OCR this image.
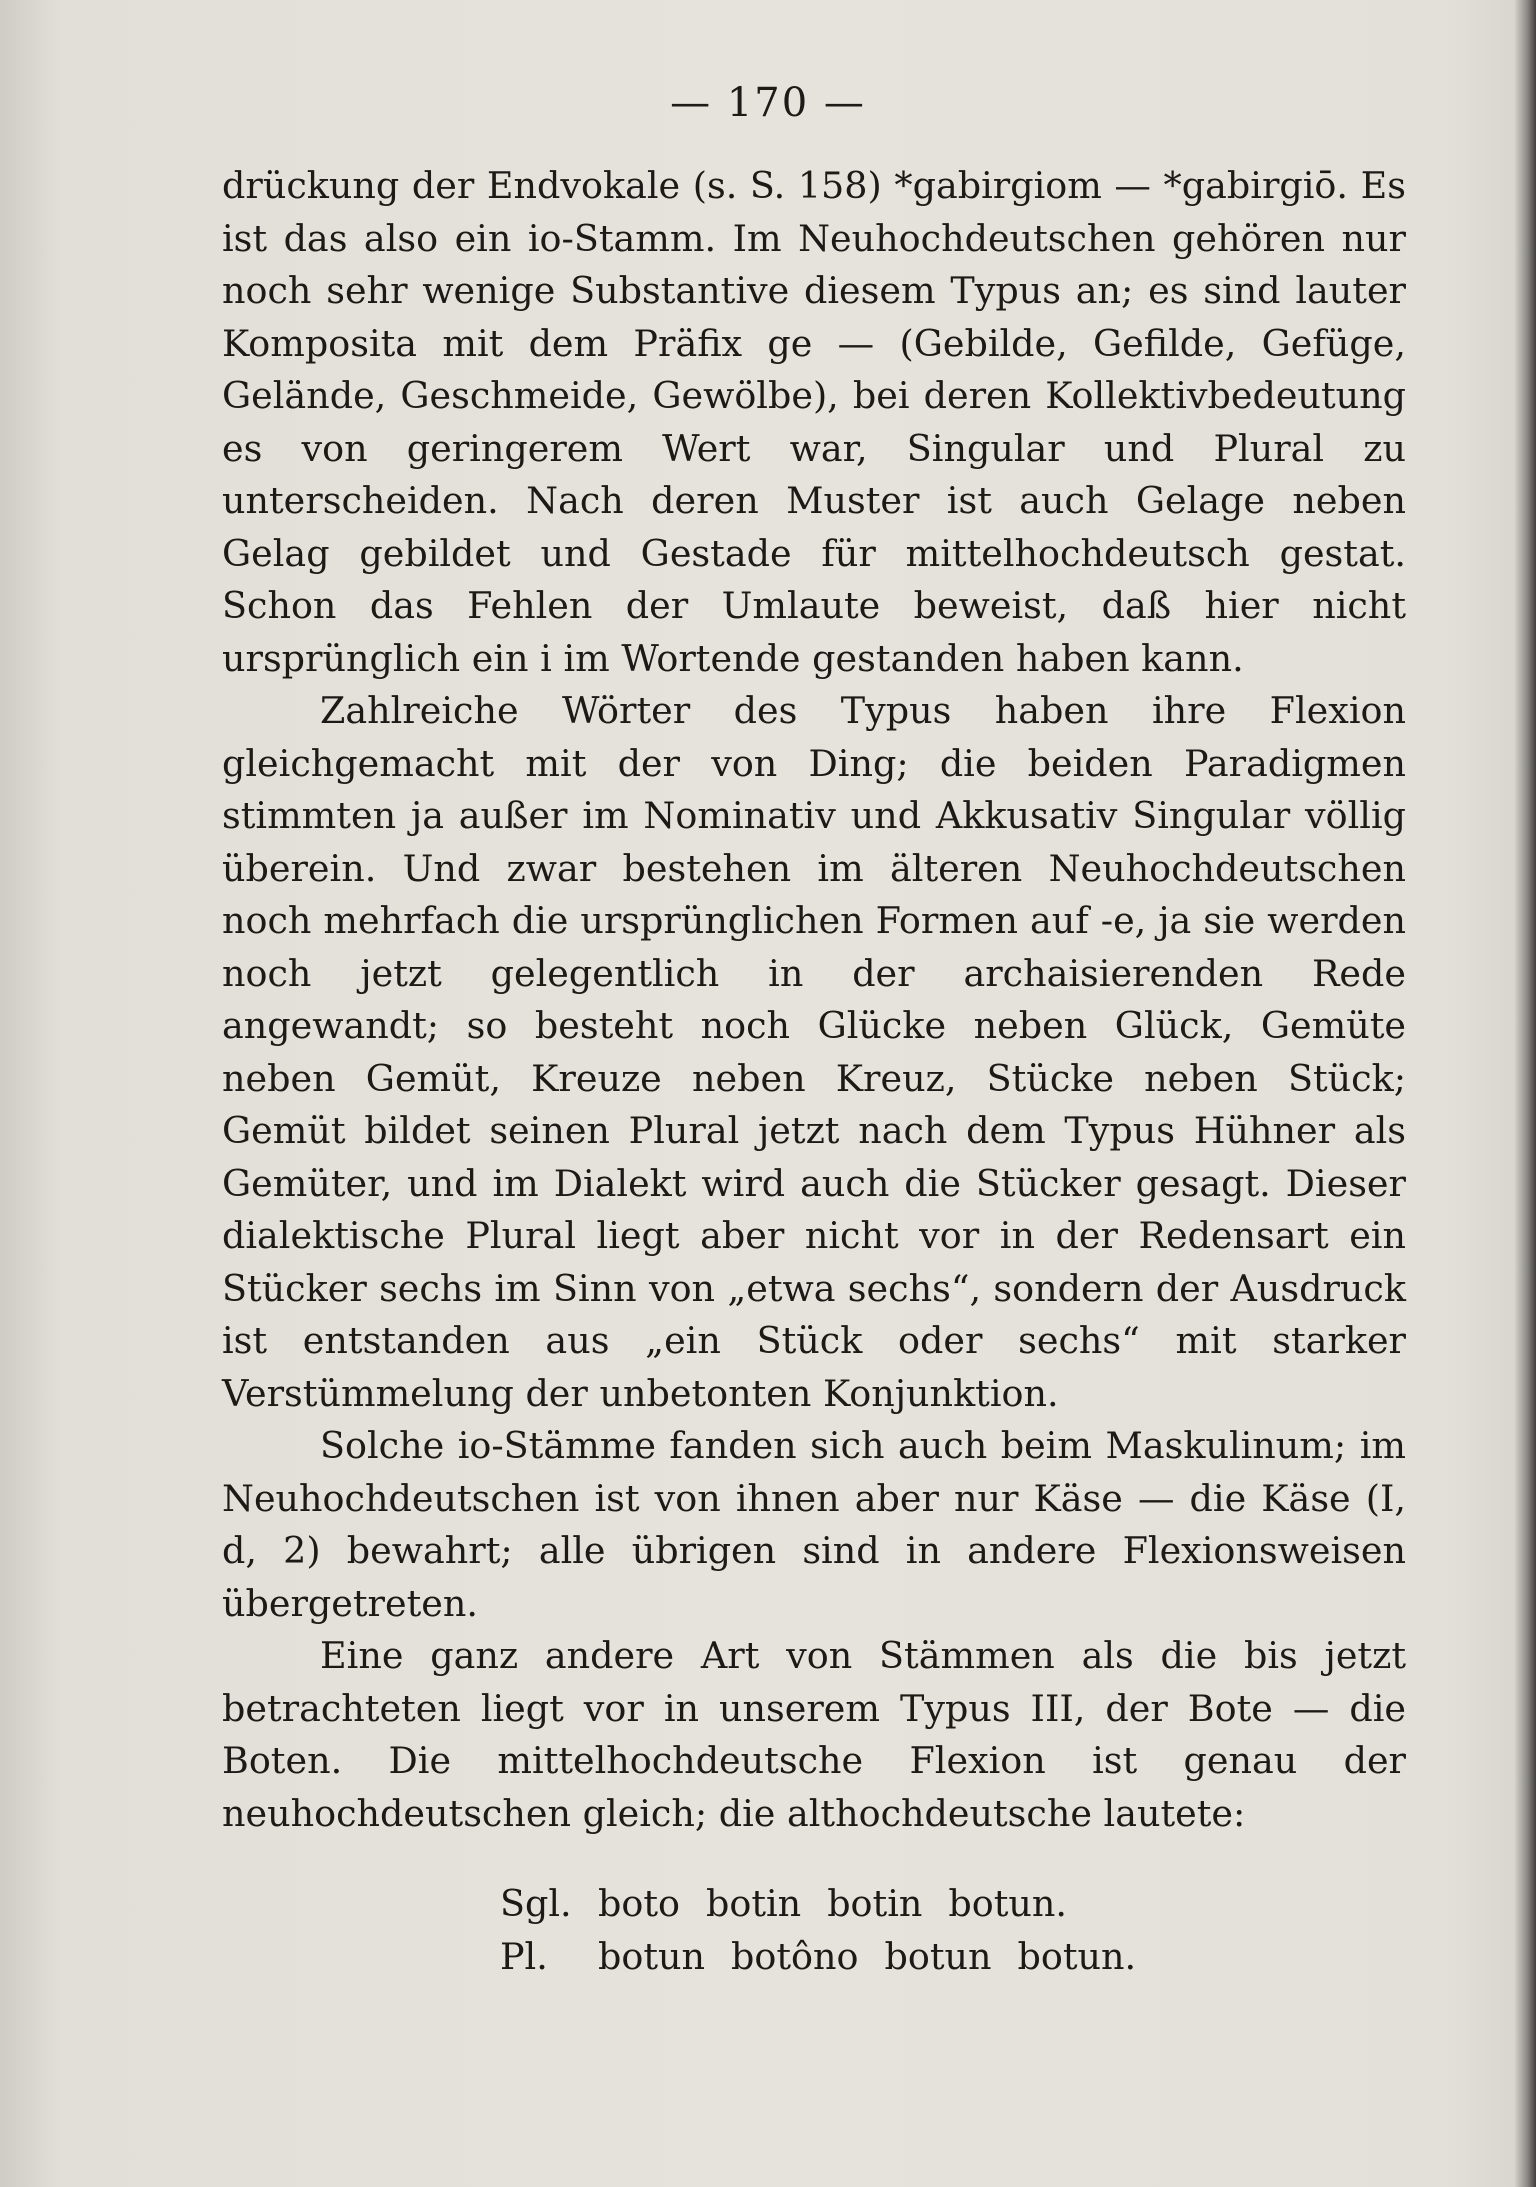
— 170 —

drückung der Endvokale (s. S. 158) *gabirgiom — *gabirgiō. Es ist das also ein io-Stamm. Im Neuhochdeutschen gehören nur noch sehr wenige Substantive diesem Typus an; es sind lauter Komposita mit dem Präfix ge — (Gebilde, Gefilde, Gefüge, Gelände, Geschmeide, Gewölbe), bei deren Kollektivbedeutung es von geringerem Wert war, Singular und Plural zu unterscheiden. Nach deren Muster ist auch Gelage neben Gelag gebildet und Gestade für mittelhochdeutsch gestat. Schon das Fehlen der Umlaute beweist, daß hier nicht ursprünglich ein i im Wortende gestanden haben kann.

Zahlreiche Wörter des Typus haben ihre Flexion gleichgemacht mit der von Ding; die beiden Paradigmen stimmten ja außer im Nominativ und Akkusativ Singular völlig überein. Und zwar bestehen im älteren Neuhochdeutschen noch mehrfach die ursprünglichen Formen auf -e, ja sie werden noch jetzt gelegentlich in der archaisierenden Rede angewandt; so besteht noch Glücke neben Glück, Gemüte neben Gemüt, Kreuze neben Kreuz, Stücke neben Stück; Gemüt bildet seinen Plural jetzt nach dem Typus Hühner als Gemüter, und im Dialekt wird auch die Stücker gesagt. Dieser dialektische Plural liegt aber nicht vor in der Redensart ein Stücker sechs im Sinn von „etwa sechs“, sondern der Ausdruck ist entstanden aus „ein Stück oder sechs“ mit starker Verstümmelung der unbetonten Konjunktion.

Solche io-Stämme fanden sich auch beim Maskulinum; im Neuhochdeutschen ist von ihnen aber nur Käse — die Käse (I, d, 2) bewahrt; alle übrigen sind in andere Flexionsweisen übergetreten.

Eine ganz andere Art von Stämmen als die bis jetzt betrachteten liegt vor in unserem Typus III, der Bote — die Boten. Die mittelhochdeutsche Flexion ist genau der neuhochdeutschen gleich; die althochdeutsche lautete:

Sgl. boto botin botin botun.
Pl. botun botôno botun botun.
